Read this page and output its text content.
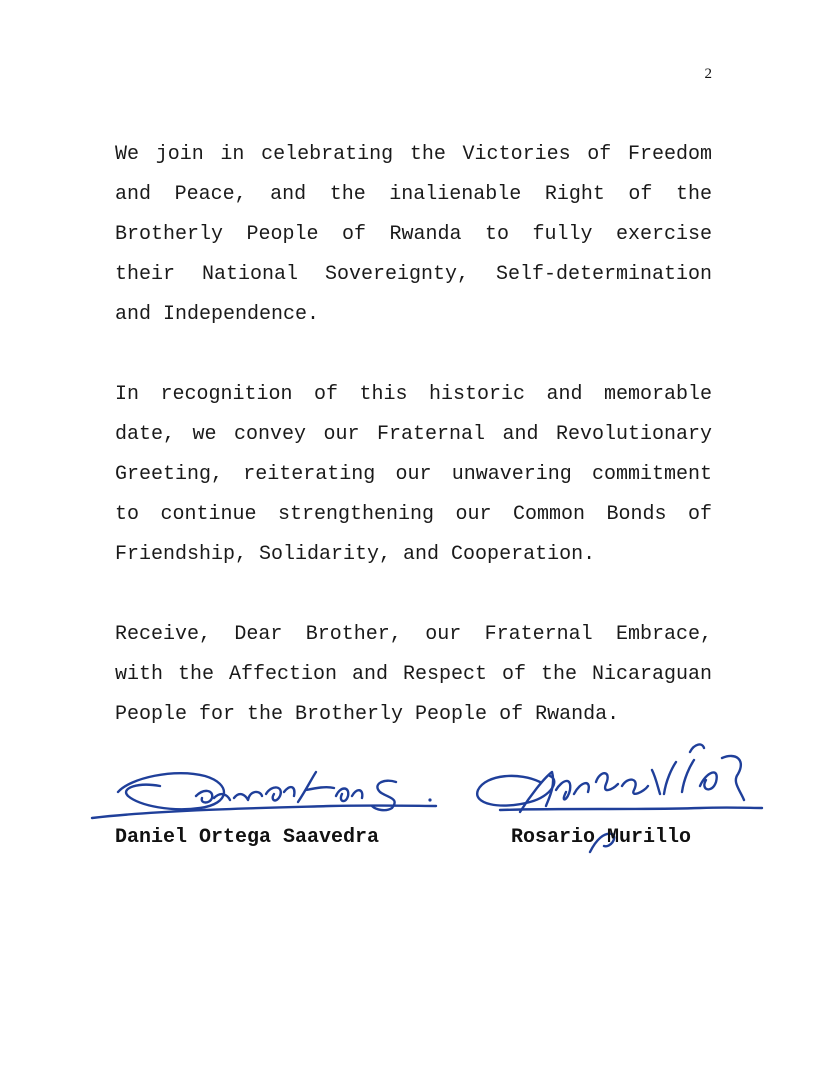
2

We join in celebrating the Victories of Freedom and Peace, and the inalienable Right of the Brotherly People of Rwanda to fully exercise their National Sovereignty, Self-determination and Independence.

In recognition of this historic and memorable date, we convey our Fraternal and Revolutionary Greeting, reiterating our unwavering commitment to continue strengthening our Common Bonds of Friendship, Solidarity, and Cooperation.

Receive, Dear Brother, our Fraternal Embrace, with the Affection and Respect of the Nicaraguan People for the Brotherly People of Rwanda.

Daniel Ortega Saavedra	Rosario Murillo
